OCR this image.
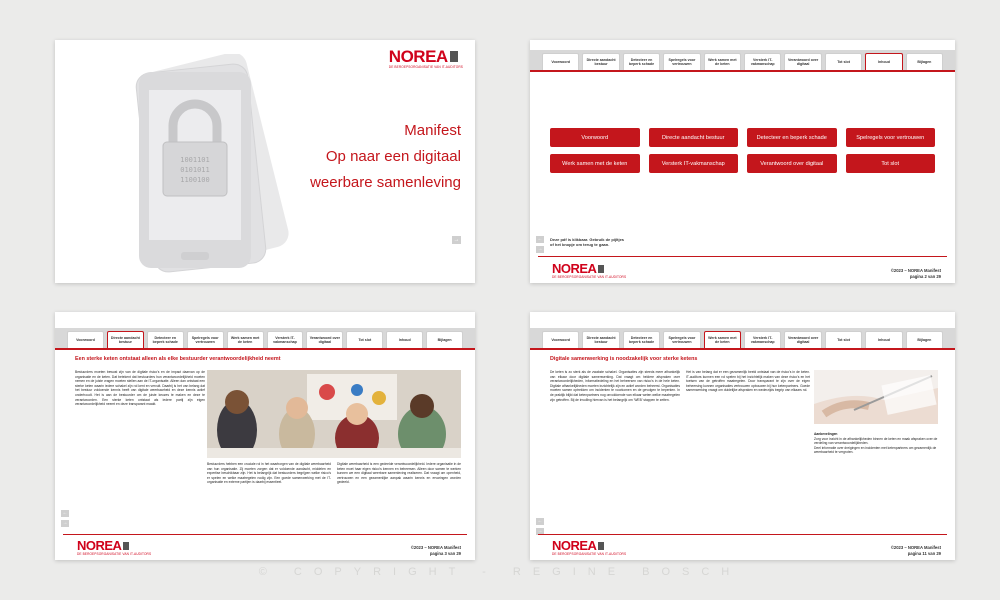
1001101
0101011
1100100
NOREA
DE BEROEPSORGANISATIE VAN IT-AUDITORS
Manifest
Op naar een digitaal
weerbare samenleving
→
Voorwoord
Directe aandacht bestuur
Detecteer en beperk schade
Spelregels voor vertrouwen
Werk samen met de keten
Versterk IT-vakmanschap
Verantwoord over digitaal
Tot slot	Inhoud	Bijlagen
Voorwoord	Directe aandacht bestuur	Detecteer en beperk schade	Spelregels voor vertrouwen
Werk samen met de keten	Versterk IT-vakmanschap	Verantwoord over digitaal	Tot slot
←
→
Deze pdf is klikbaar. Gebruik de pijltjes
of het knopje om terug te gaan.
NOREA
DE BEROEPSORGANISATIE VAN IT-AUDITORS
©2023 – NOREA Manifest
pagina 2 van 29
Voorwoord
Directe aandacht bestuur
Detecteer en beperk schade
Spelregels voor vertrouwen
Werk samen met de keten
Versterk IT-vakmanschap
Verantwoord over digitaal
Tot slot	Inhoud	Bijlagen
Een sterke keten ontstaat alleen als elke bestuurder verantwoordelijkheid neemt
Bestuurders moeten bewust zijn van de digitale risico's en de impact daarvan op de organisatie en de keten. Dat betekent dat bestuurders hun verantwoordelijkheid moeten nemen en de juiste vragen moeten stellen aan de IT-organisatie. Alleen dan ontstaat een sterke keten waarin iedere schakel zijn rol kent en vervult. Daarbij is het van belang dat het bestuur voldoende kennis heeft van digitale weerbaarheid en deze kennis actief onderhoudt. Het is aan de bestuurder om de juiste keuzes te maken en deze te verantwoorden. Een sterke keten ontstaat als iedere partij zijn eigen verantwoordelijkheid neemt en deze transparant maakt.
Bestuurders hebben een cruciale rol in het waarborgen van de digitale weerbaarheid van hun organisatie. Zij moeten zorgen dat er voldoende aandacht, middelen en expertise beschikbaar zijn. Het is belangrijk dat bestuurders begrijpen welke risico's er spelen en welke maatregelen nodig zijn. Een goede samenwerking met de IT-organisatie en externe partijen is daarbij essentieel.
Digitale weerbaarheid is een gedeelde verantwoordelijkheid. Iedere organisatie in de keten moet haar eigen risico's kennen en beheersen. Alleen door samen te werken kunnen we een digitaal weerbare samenleving realiseren. Dat vraagt om openheid, vertrouwen en een gezamenlijke aanpak waarin kennis en ervaringen worden gedeeld.
←
→
NOREA
DE BEROEPSORGANISATIE VAN IT-AUDITORS
©2023 – NOREA Manifest
pagina 3 van 29
Voorwoord
Directe aandacht bestuur
Detecteer en beperk schade
Spelregels voor vertrouwen
Werk samen met de keten
Versterk IT-vakmanschap
Verantwoord over digitaal
Tot slot	Inhoud	Bijlagen
Digitale samenwerking is noodzakelijk voor sterke ketens
De keten is zo sterk als de zwakste schakel. Organisaties zijn steeds meer afhankelijk van elkaar door digitale samenwerking. Dat vraagt om heldere afspraken over verantwoordelijkheden, informatiedeling en het beheersen van risico's in de hele keten. Digitale afhankelijkheden moeten inzichtelijk zijn en actief worden beheerst. Organisaties moeten samen optrekken om incidenten te voorkomen en de gevolgen te beperken. In de praktijk blijkt dat ketenpartners nog onvoldoende van elkaar weten welke maatregelen zijn getroffen. Bij de invulling hiervan is het belangrijk om 'WEB' stappen te zetten.
Het is van belang dat er een gezamenlijk beeld ontstaat van de risico's in de keten. IT-auditors kunnen een rol spelen bij het inzichtelijk maken van deze risico's en het toetsen van de getroffen maatregelen. Door transparant te zijn over de eigen beheersing kunnen organisaties vertrouwen opbouwen bij hun ketenpartners. Goede samenwerking vraagt om duidelijke afspraken en wederzijds begrip van elkaars rol.
Aanbevelingen
Zorg voor inzicht in de afhankelijkheden binnen de keten en maak afspraken over de verdeling van verantwoordelijkheden.
Deel informatie over dreigingen en incidenten met ketenpartners om gezamenlijk de weerbaarheid te vergroten.
←
→
NOREA
DE BEROEPSORGANISATIE VAN IT-AUDITORS
©2023 – NOREA Manifest
pagina 11 van 29
© COPYRIGHT - REGINE BOSCH
